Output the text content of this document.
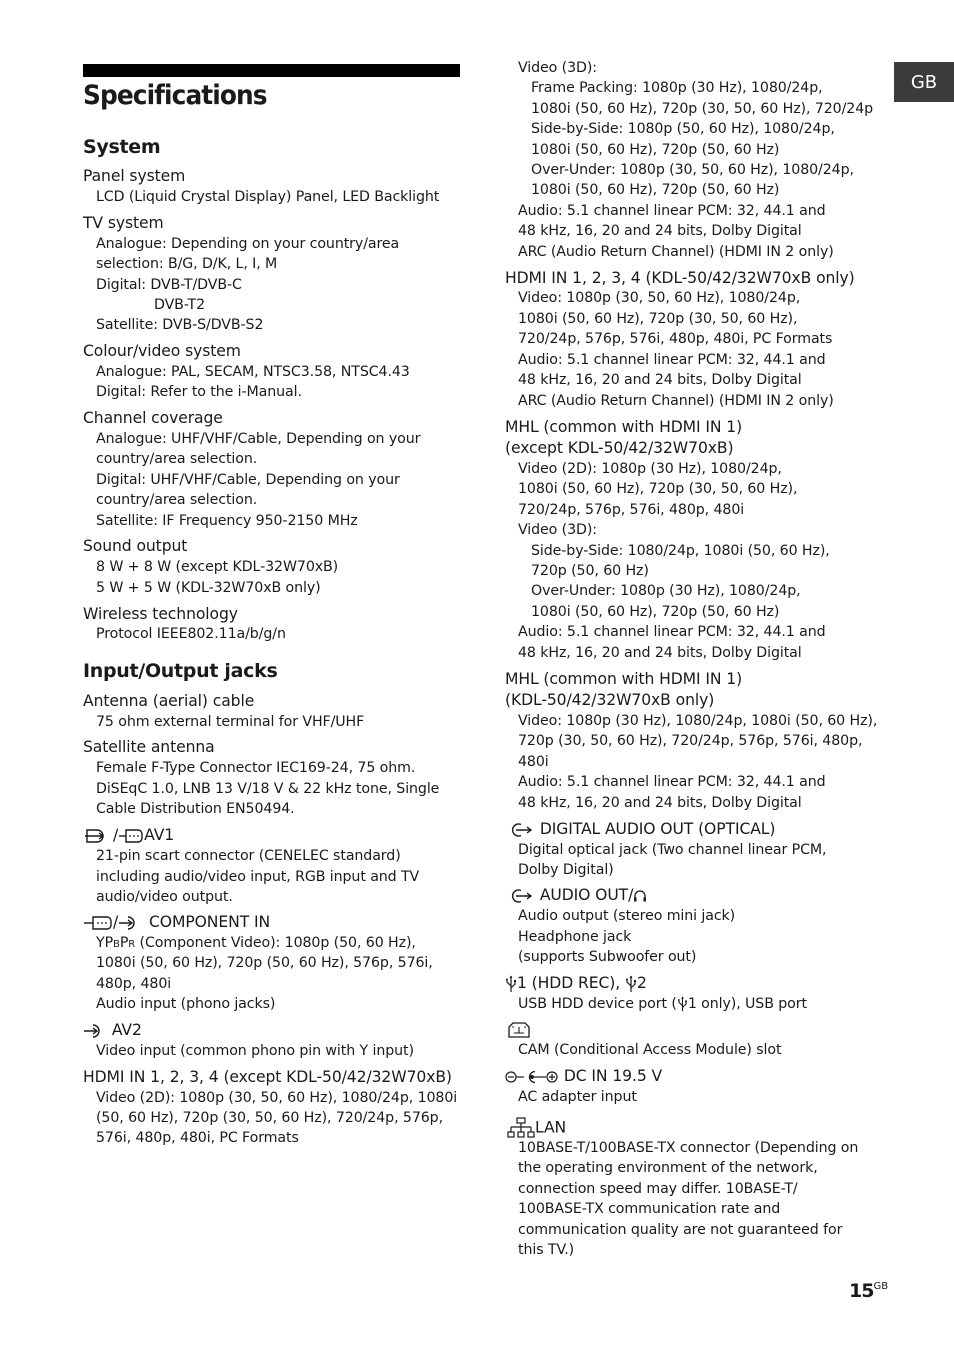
Specifications	GB
System
Panel system
LCD (Liquid Crystal Display) Panel, LED Backlight
TV system
Analogue: Depending on your country/area
selection: B/G, D/K, L, I, M
Digital: DVB-T/DVB-C
DVB-T2
Satellite: DVB-S/DVB-S2
Colour/video system
Analogue: PAL, SECAM, NTSC3.58, NTSC4.43
Digital: Refer to the i-Manual.
Channel coverage
Analogue: UHF/VHF/Cable, Depending on your
country/area selection.
Digital: UHF/VHF/Cable, Depending on your
country/area selection.
Satellite: IF Frequency 950-2150 MHz
Sound output
8 W + 8 W (except KDL-32W70xB)
5 W + 5 W (KDL-32W70xB only)
Wireless technology
Protocol IEEE802.11a/b/g/n
Input/Output jacks
Antenna (aerial) cable
75 ohm external terminal for VHF/UHF
Satellite antenna
Female F-Type Connector IEC169-24, 75 ohm.
DiSEqC 1.0, LNB 13 V/18 V & 22 kHz tone, Single
Cable Distribution EN50494.
/ AV1
21-pin scart connector (CENELEC standard)
including audio/video input, RGB input and TV
audio/video output.
/ COMPONENT IN
YPBPR (Component Video): 1080p (50, 60 Hz),
1080i (50, 60 Hz), 720p (50, 60 Hz), 576p, 576i,
480p, 480i
Audio input (phono jacks)
AV2
Video input (common phono pin with Y input)
HDMI IN 1, 2, 3, 4 (except KDL-50/42/32W70xB)
Video (2D): 1080p (30, 50, 60 Hz), 1080/24p, 1080i
(50, 60 Hz), 720p (30, 50, 60 Hz), 720/24p, 576p,
576i, 480p, 480i, PC Formats
Video (3D):
Frame Packing: 1080p (30 Hz), 1080/24p,
1080i (50, 60 Hz), 720p (30, 50, 60 Hz), 720/24p
Side-by-Side: 1080p (50, 60 Hz), 1080/24p,
1080i (50, 60 Hz), 720p (50, 60 Hz)
Over-Under: 1080p (30, 50, 60 Hz), 1080/24p,
1080i (50, 60 Hz), 720p (50, 60 Hz)
Audio: 5.1 channel linear PCM: 32, 44.1 and
48 kHz, 16, 20 and 24 bits, Dolby Digital
ARC (Audio Return Channel) (HDMI IN 2 only)
HDMI IN 1, 2, 3, 4 (KDL-50/42/32W70xB only)
Video: 1080p (30, 50, 60 Hz), 1080/24p,
1080i (50, 60 Hz), 720p (30, 50, 60 Hz),
720/24p, 576p, 576i, 480p, 480i, PC Formats
Audio: 5.1 channel linear PCM: 32, 44.1 and
48 kHz, 16, 20 and 24 bits, Dolby Digital
ARC (Audio Return Channel) (HDMI IN 2 only)
MHL (common with HDMI IN 1)
(except KDL-50/42/32W70xB)
Video (2D): 1080p (30 Hz), 1080/24p,
1080i (50, 60 Hz), 720p (30, 50, 60 Hz),
720/24p, 576p, 576i, 480p, 480i
Video (3D):
Side-by-Side: 1080/24p, 1080i (50, 60 Hz),
720p (50, 60 Hz)
Over-Under: 1080p (30 Hz), 1080/24p,
1080i (50, 60 Hz), 720p (50, 60 Hz)
Audio: 5.1 channel linear PCM: 32, 44.1 and
48 kHz, 16, 20 and 24 bits, Dolby Digital
MHL (common with HDMI IN 1)
(KDL-50/42/32W70xB only)
Video: 1080p (30 Hz), 1080/24p, 1080i (50, 60 Hz),
720p (30, 50, 60 Hz), 720/24p, 576p, 576i, 480p,
480i
Audio: 5.1 channel linear PCM: 32, 44.1 and
48 kHz, 16, 20 and 24 bits, Dolby Digital
DIGITAL AUDIO OUT (OPTICAL)
Digital optical jack (Two channel linear PCM,
Dolby Digital)
AUDIO OUT/
Audio output (stereo mini jack)
Headphone jack
(supports Subwoofer out)
1 (HDD REC), 2
USB HDD device port ( 1 only), USB port
CAM (Conditional Access Module) slot
DC IN 19.5 V
AC adapter input
LAN
10BASE-T/100BASE-TX connector (Depending on
the operating environment of the network,
connection speed may differ. 10BASE-T/
100BASE-TX communication rate and
communication quality are not guaranteed for
this TV.)
$15^{GB}$
